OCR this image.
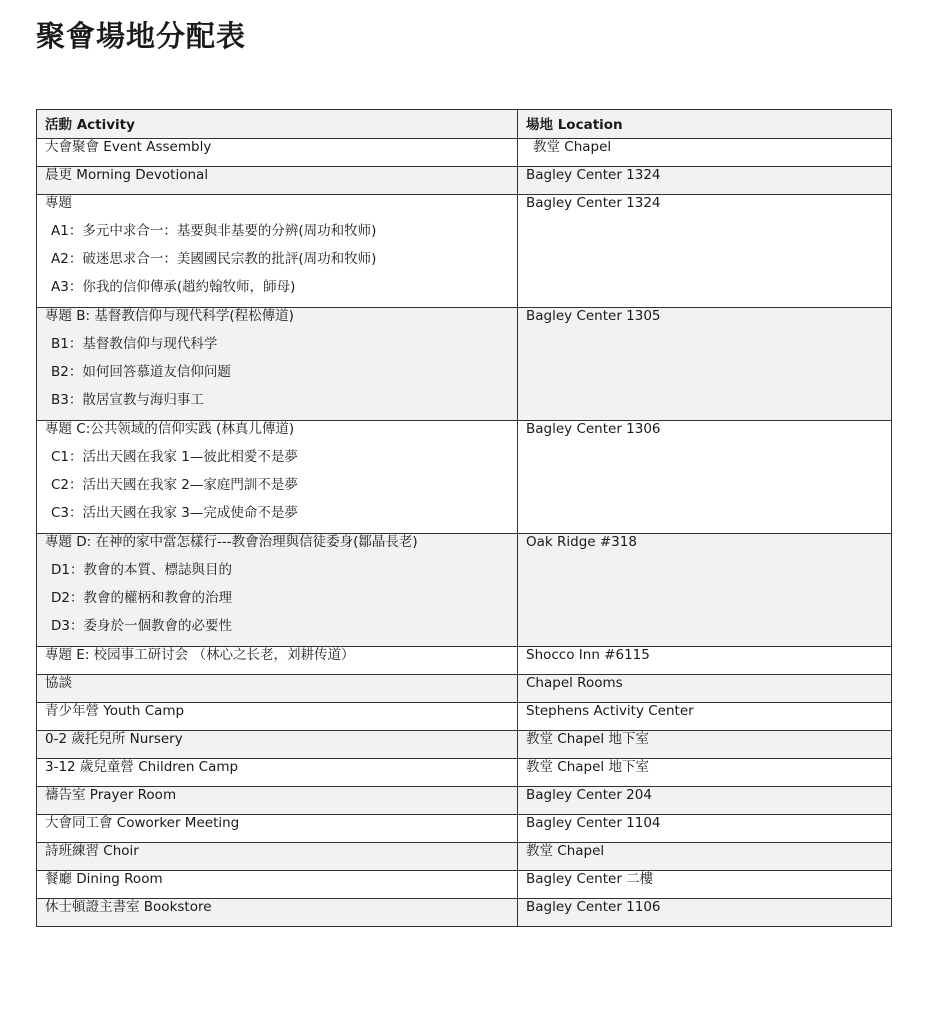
聚會場地分配表
活動 Activity	場地 Location
大會聚會 Event Assembly	教堂 Chapel
晨更 Morning Devotional	Bagley Center 1324

專題
A1：多元中求合一：基要與非基要的分辨(周功和牧师)
A2：破迷思求合一：美國國民宗教的批評(周功和牧师)
A3：你我的信仰傳承(趙約翰牧师，師母)	Bagley Center 1324

專題 B: 基督教信仰与现代科学(程松傳道)
B1：基督教信仰与现代科学
B2：如何回答慕道友信仰问题
B3：散居宣教与海归事工	Bagley Center 1305

專題 C:公共领域的信仰实践 (林真儿傳道)
C1：活出天國在我家 1—彼此相愛不是夢
C2：活出天國在我家 2—家庭門訓不是夢
C3：活出天國在我家 3—完成使命不是夢	Bagley Center 1306

專題 D: 在神的家中當怎樣行---教會治理與信徒委身(鄒晶長老)
D1：教會的本質、標誌與目的
D2：教會的權柄和教會的治理
D3：委身於一個教會的必要性	Oak Ridge #318
專題 E: 校园事工研讨会 （林心之长老，刘耕传道）	Shocco Inn #6115
協談	Chapel Rooms
青少年營 Youth Camp	Stephens Activity Center
0-2 歲托兒所 Nursery	教堂 Chapel 地下室
3-12 歲兒童營 Children Camp	教堂 Chapel 地下室
禱告室 Prayer Room	Bagley Center 204
大會同工會 Coworker Meeting	Bagley Center 1104
詩班練習 Choir	教堂 Chapel
餐廳 Dining Room	Bagley Center 二樓
休士頓證主書室 Bookstore	Bagley Center 1106
